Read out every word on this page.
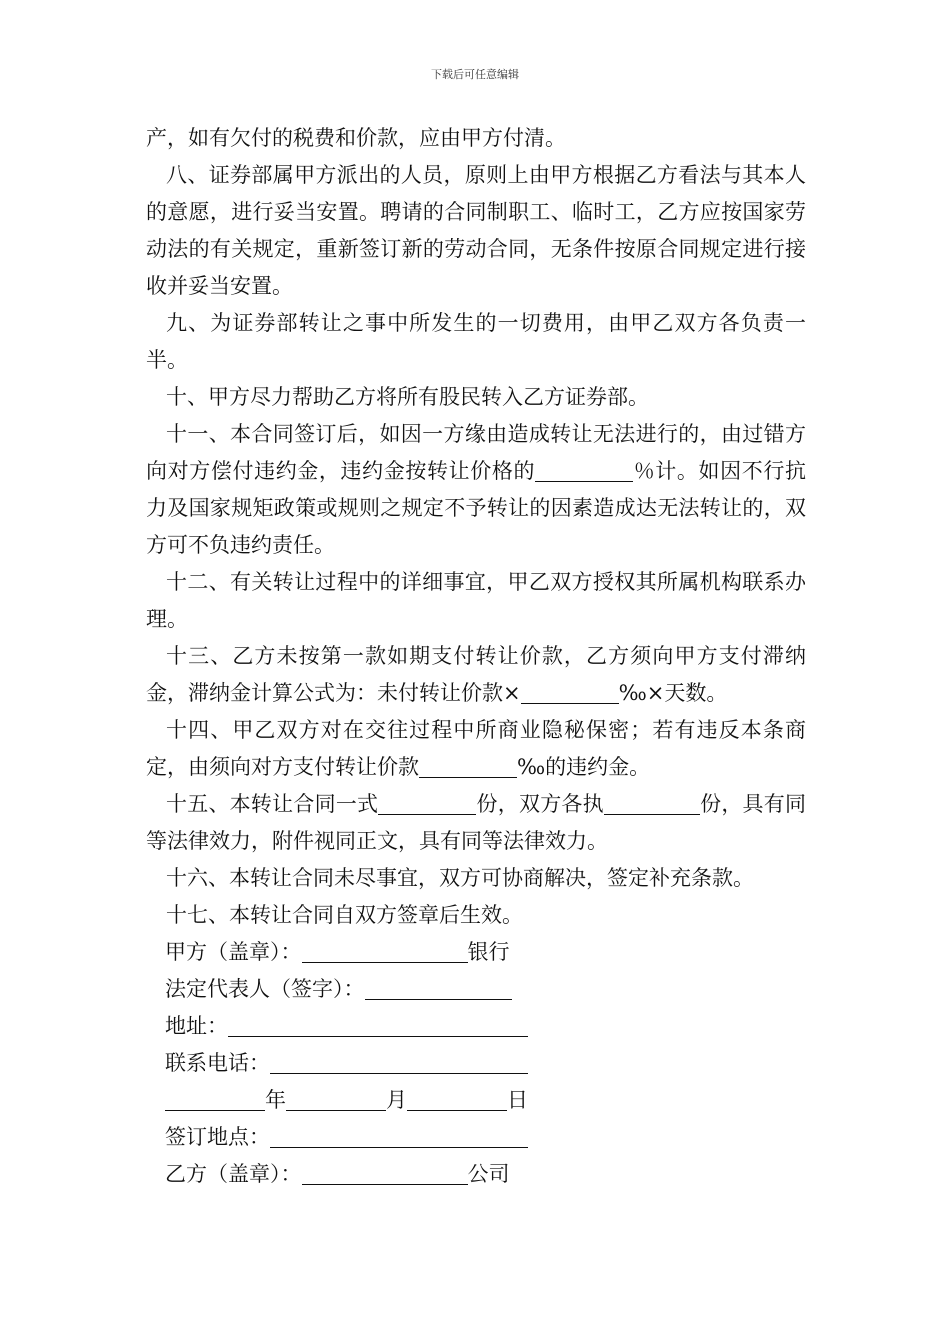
下载后可任意编辑

产，如有欠付的税费和价款，应由甲方付清。

八、证券部属甲方派出的人员，原则上由甲方根据乙方看法与其本人的意愿，进行妥当安置。聘请的合同制职工、临时工，乙方应按国家劳动法的有关规定，重新签订新的劳动合同，无条件按原合同规定进行接收并妥当安置。

九、为证券部转让之事中所发生的一切费用，由甲乙双方各负责一半。

十、甲方尽力帮助乙方将所有股民转入乙方证券部。

十一、本合同签订后，如因一方缘由造成转让无法进行的，由过错方向对方偿付违约金，违约金按转让价格的	％计。如因不行抗力及国家规矩政策或规则之规定不予转让的因素造成达无法转让的，双方可不负违约责任。

十二、有关转让过程中的详细事宜，甲乙双方授权其所属机构联系办理。

十三、乙方未按第一款如期支付转让价款，乙方须向甲方支付滞纳金，滞纳金计算公式为：未付转让价款×	‰×天数。

十四、甲乙双方对在交往过程中所商业隐秘保密；若有违反本条商定，由须向对方支付转让价款	‰的违约金。

十五、本转让合同一式	份，双方各执	份，具有同等法律效力，附件视同正文，具有同等法律效力。

十六、本转让合同未尽事宜，双方可协商解决，签定补充条款。

十七、本转让合同自双方签章后生效。

甲方（盖章）：	银行

法定代表人（签字）：

地址：

联系电话：

年	月	日

签订地点：

乙方（盖章）：	公司
